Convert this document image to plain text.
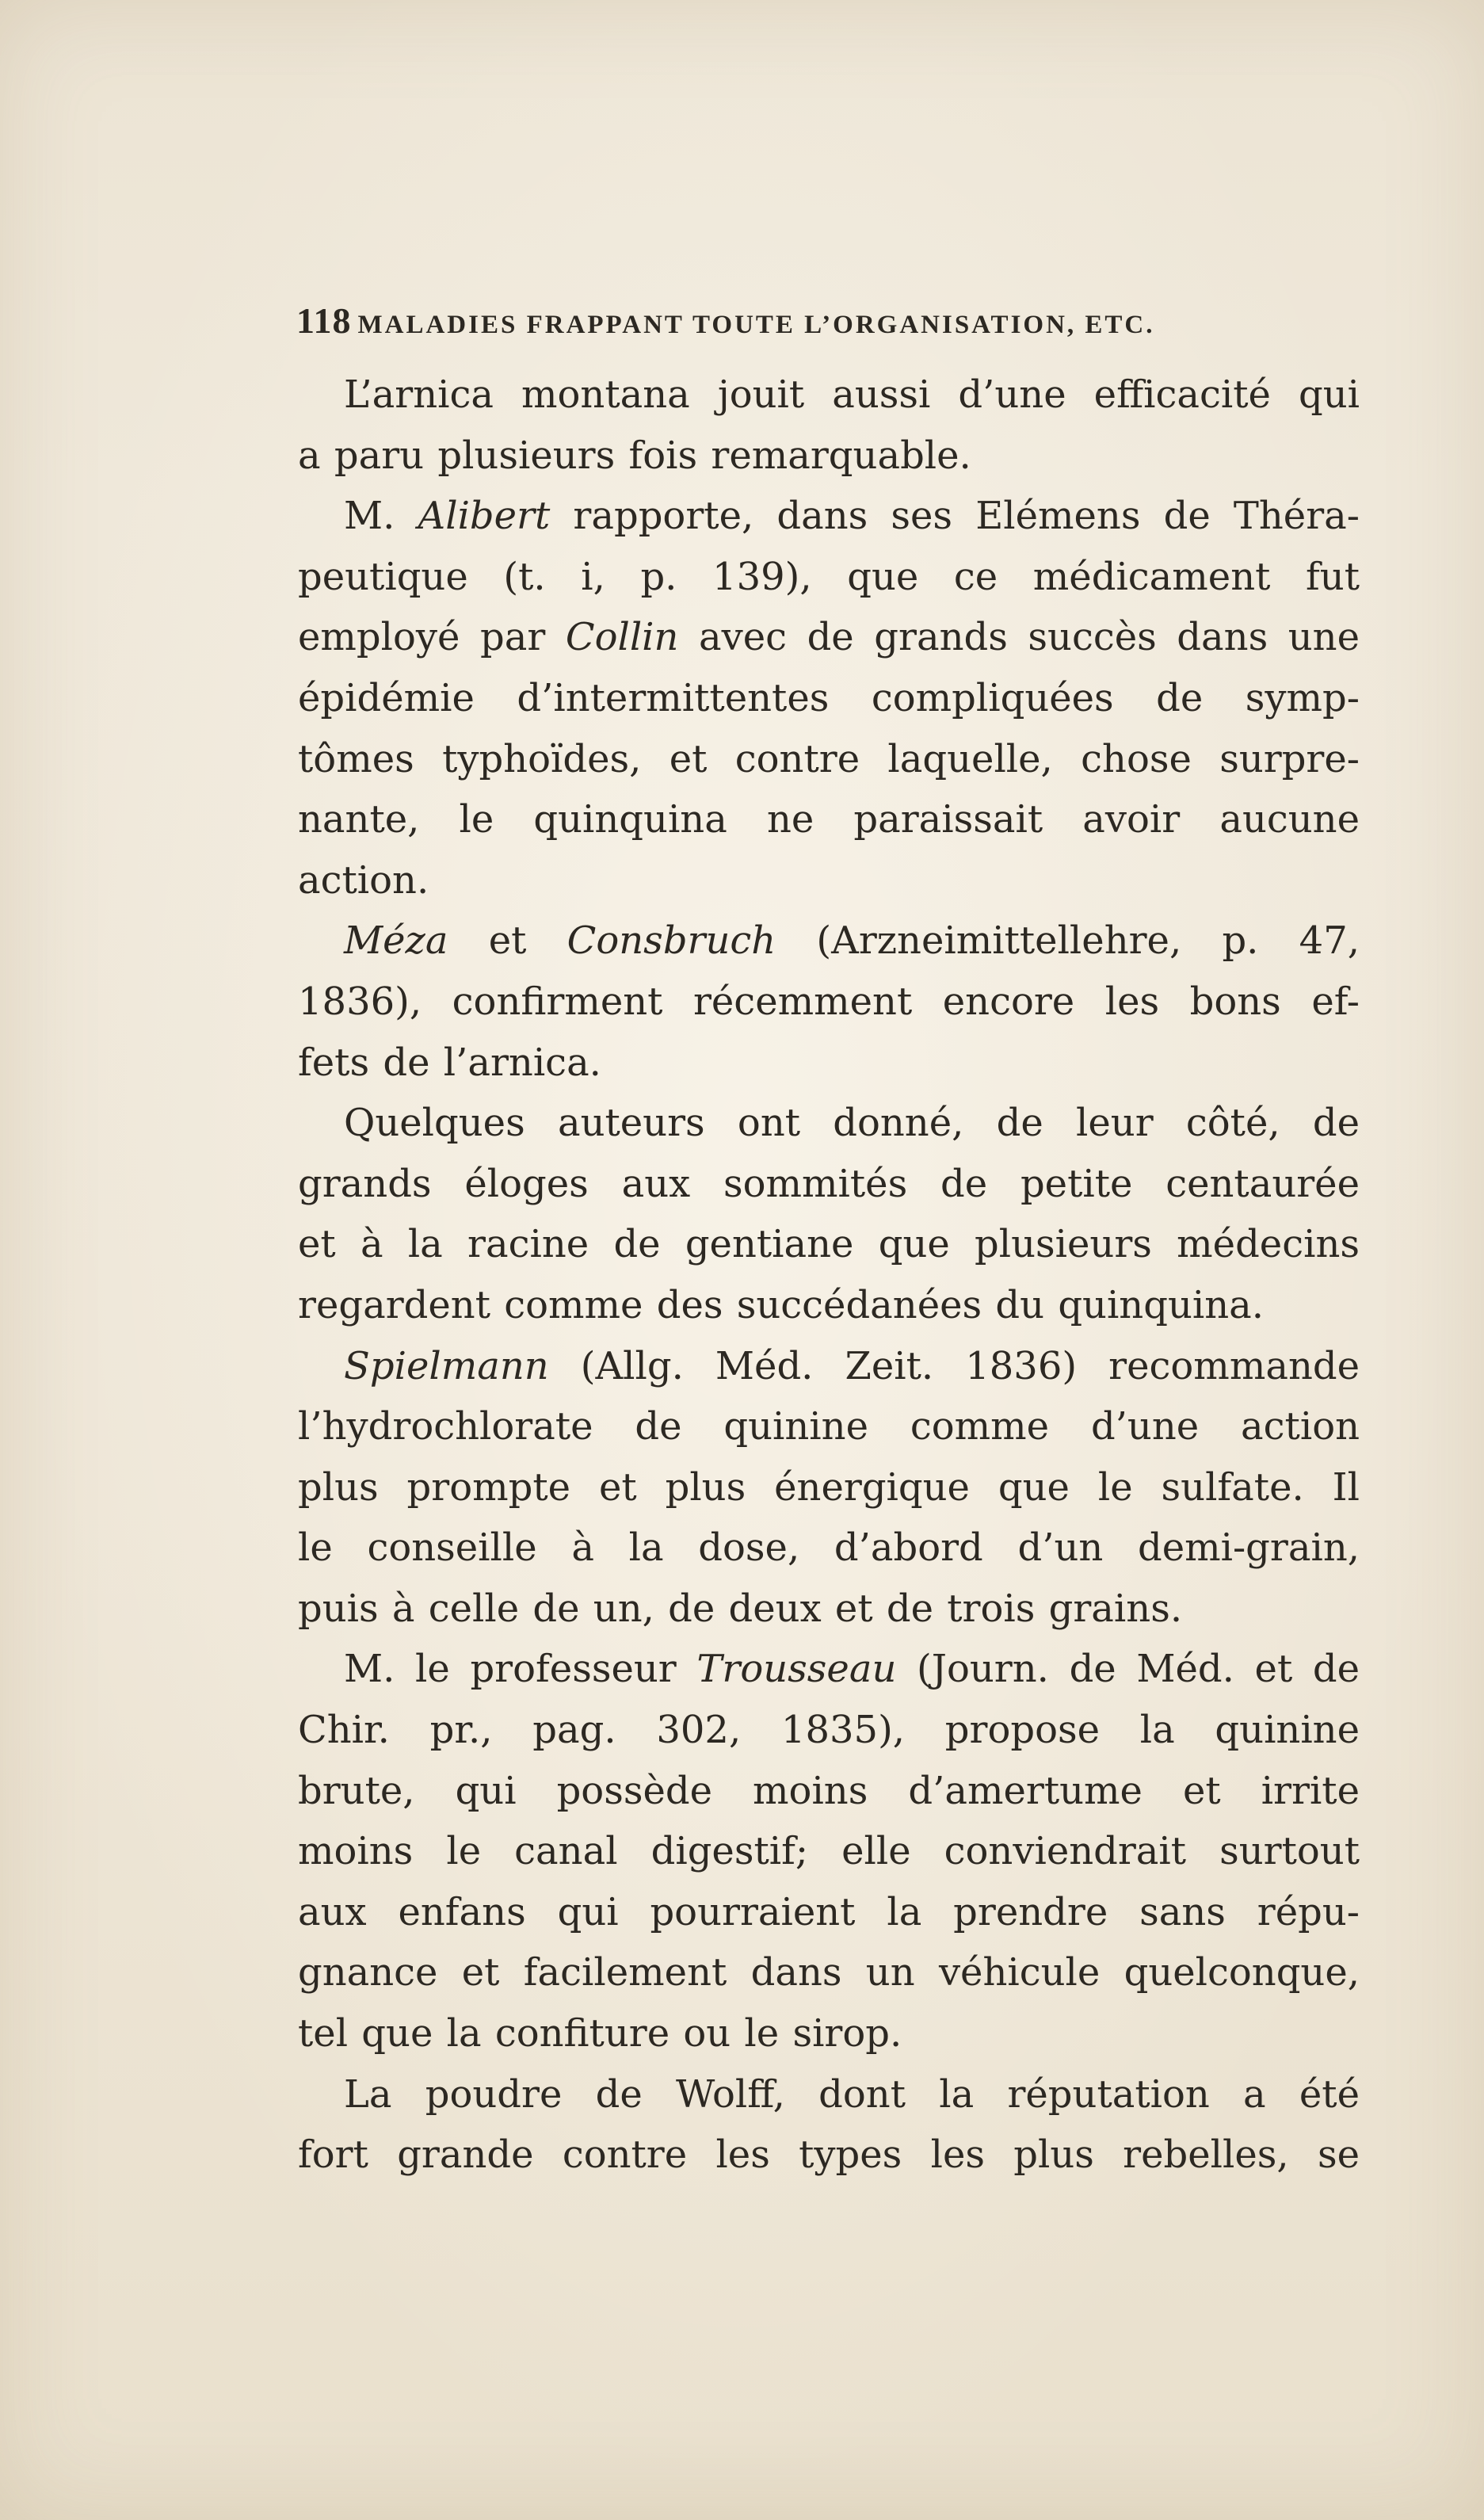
118 MALADIES FRAPPANT TOUTE L’ORGANISATION, ETC.
L’arnica montana jouit aussi d’une efficacité qui
a paru plusieurs fois remarquable.
M. Alibert rapporte, dans ses Elémens de Théra-
peutique (t. i, p. 139), que ce médicament fut
employé par Collin avec de grands succès dans une
épidémie d’intermittentes compliquées de symp-
tômes typhoïdes, et contre laquelle, chose surpre-
nante, le quinquina ne paraissait avoir aucune
action.
Méza et Consbruch (Arzneimittellehre, p. 47,
1836), confirment récemment encore les bons ef-
fets de l’arnica.
Quelques auteurs ont donné, de leur côté, de
grands éloges aux sommités de petite centaurée
et à la racine de gentiane que plusieurs médecins
regardent comme des succédanées du quinquina.
Spielmann (Allg. Méd. Zeit. 1836) recommande
l’hydrochlorate de quinine comme d’une action
plus prompte et plus énergique que le sulfate. Il
le conseille à la dose, d’abord d’un demi-grain,
puis à celle de un, de deux et de trois grains.
M. le professeur Trousseau (Journ. de Méd. et de
Chir. pr., pag. 302, 1835), propose la quinine
brute, qui possède moins d’amertume et irrite
moins le canal digestif; elle conviendrait surtout
aux enfans qui pourraient la prendre sans répu-
gnance et facilement dans un véhicule quelconque,
tel que la confiture ou le sirop.
La poudre de Wolff, dont la réputation a été
fort grande contre les types les plus rebelles, se
